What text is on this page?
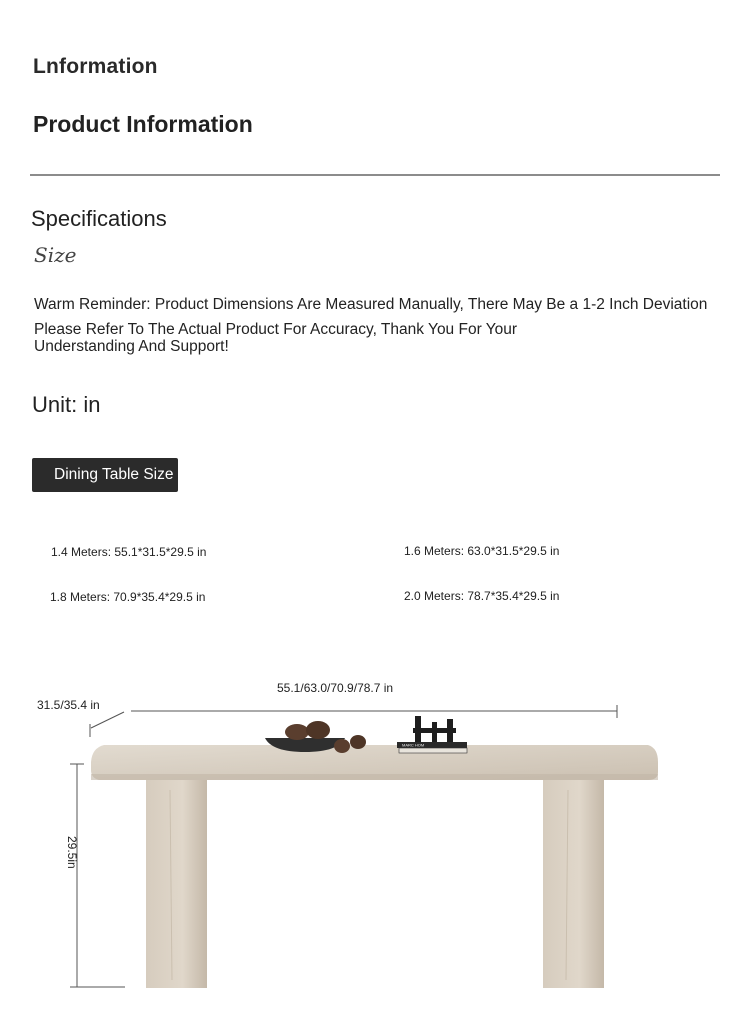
Lnformation
Product Information
Specifications
Size
Warm Reminder: Product Dimensions Are Measured Manually, There May Be a 1-2 Inch Deviation
Please Refer To The Actual Product For Accuracy, Thank You For Your Understanding And Support!
Unit: in
Dining Table Size
1.4 Meters: 55.1*31.5*29.5 in	1.6 Meters: 63.0*31.5*29.5 in
1.8 Meters: 70.9*35.4*29.5 in	2.0 Meters: 78.7*35.4*29.5 in
MARC HOM
55.1/63.0/70.9/78.7 in
31.5/35.4 in
29.5in
